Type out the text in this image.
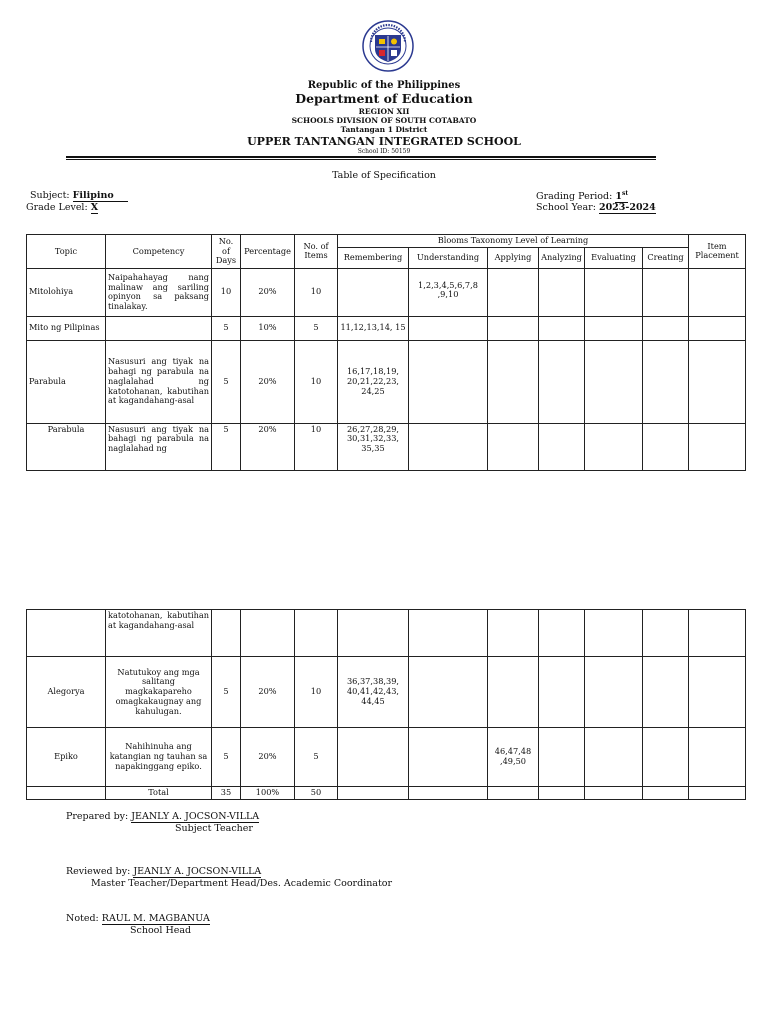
Republic of the Philippines
Department of Education
REGION XII
SCHOOLS DIVISION OF SOUTH COTABATO
Tantangan 1 District
UPPER TANTANGAN INTEGRATED SCHOOL
School ID: 50159
Table of Specification
Subject: Filipino
Grade Level: X
Grading Period: 1st
School Year: 2023-2024
Topic	Competency	No. of Days	Percentage	No. of Items	Blooms Taxonomy Level of Learning						Item Placement
					Remembering	Understanding	Applying	Analyzing	Evaluating	Creating	
Mitolohiya	Naipahahayag nang malinaw ang sariling opinyon sa paksang tinalakay.	10	20%	10		1,2,3,4,5,6,7,8 ,9,10					
Mito ng Pilipinas		5	10%	5	11,12,13,14, 15						
Parabula	Nasusuri ang tiyak na bahagi ng parabula na naglalahad ng katotohanan, kabutihan at kagandahang-asal	5	20%	10	16,17,18,19, 20,21,22,23, 24,25						
Parabula	Nasusuri ang tiyak na bahagi ng parabula na naglalahad ng	5	20%	10	26,27,28,29, 30,31,32,33, 35,35						
	katotohanan, kabutihan at kagandahang-asal										
Alegorya	Natutukoy ang mga salitang magkakapareho omagkakaugnay ang kahulugan.	5	20%	10	36,37,38,39, 40,41,42,43, 44,45						
Epiko	Nahihinuha ang katangian ng tauhan sa napakinggang epiko.	5	20%	5			46,47,48 ,49,50				
	Total	35	100%	50							
Prepared by: JEANLY A. JOCSON-VILLA
Subject Teacher
Reviewed by: JEANLY A. JOCSON-VILLA
Master Teacher/Department Head/Des. Academic Coordinator
Noted: RAUL M. MAGBANUA
School Head
